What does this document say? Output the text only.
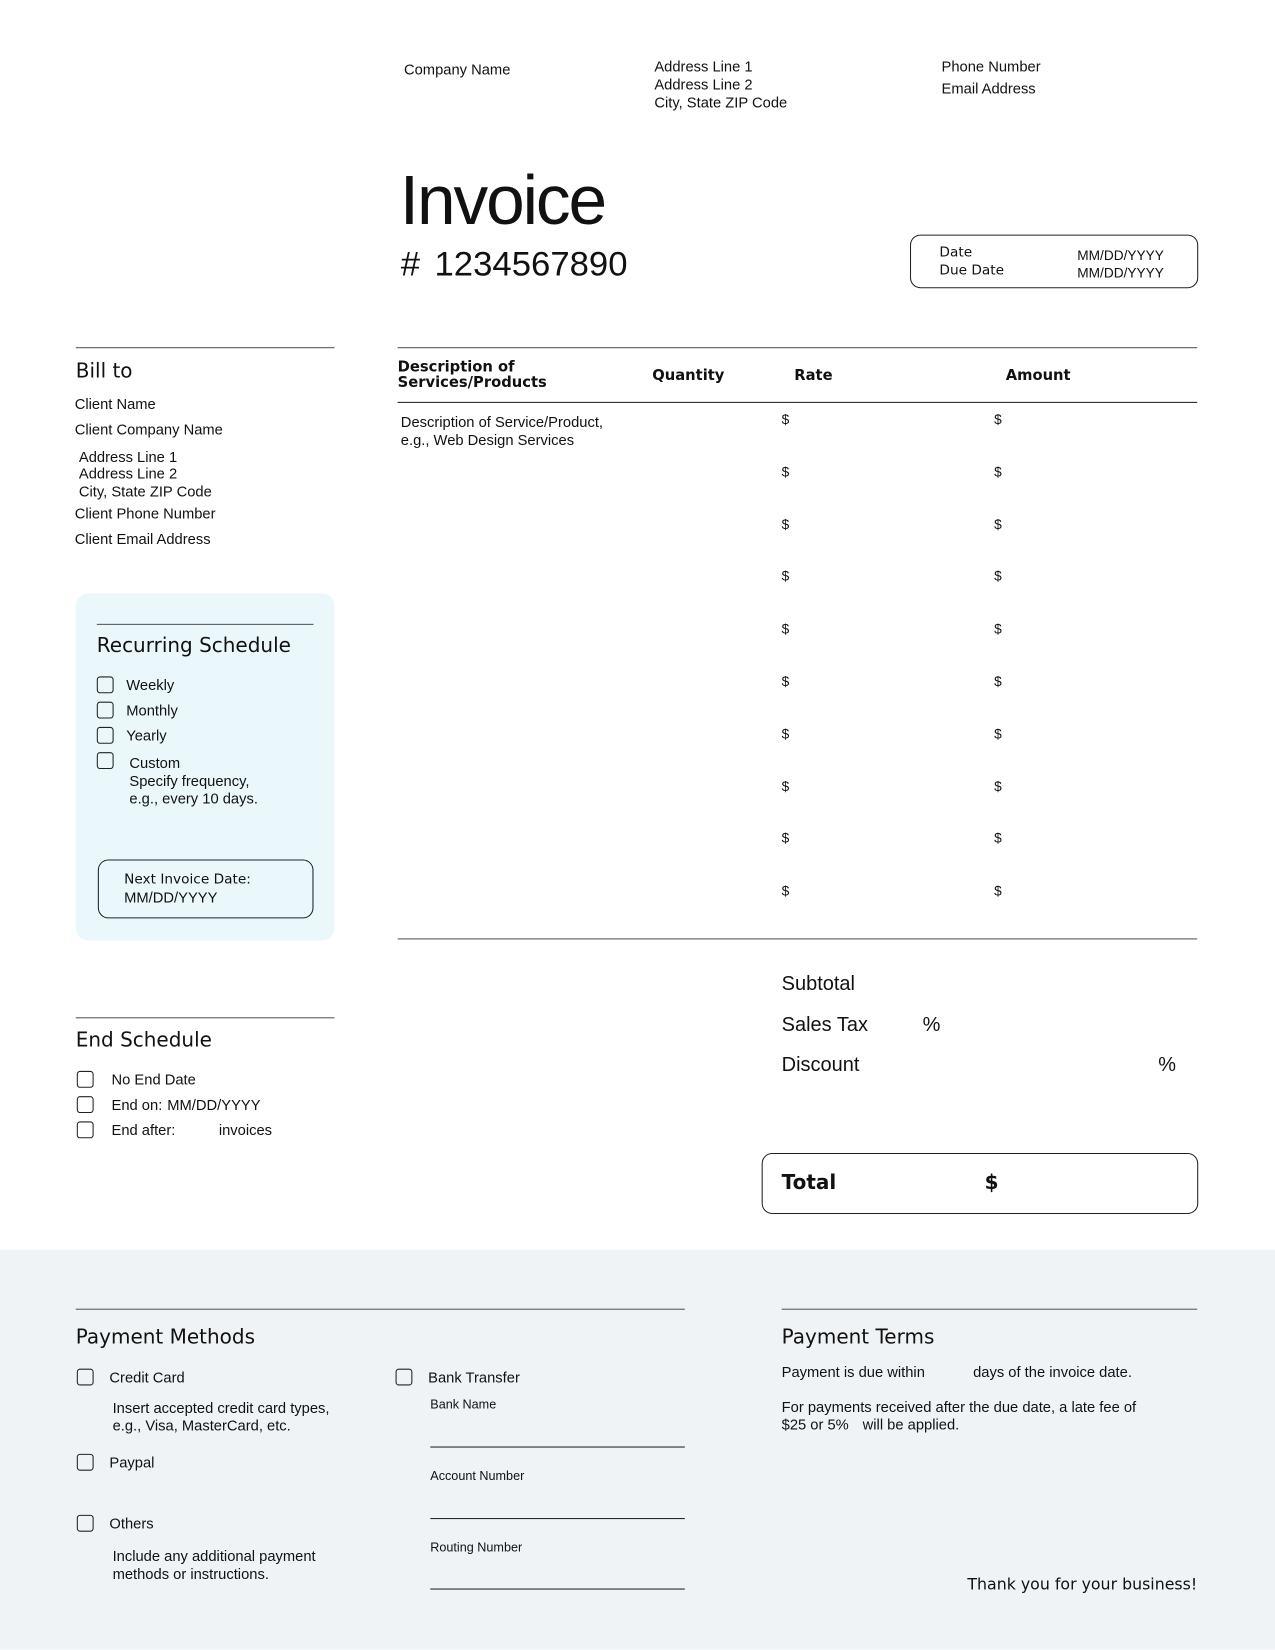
Company Name	Address Line 1
Address Line 2
City, State ZIP Code
Phone Number
Email Address
Invoice
# 1234567890	Date	MM/DD/YYYY
Due Date	MM/DD/YYYY
Bill to
Client Name
Client Company Name
Address Line 1
Address Line 2
City, State ZIP Code
Client Phone Number
Client Email Address
Recurring Schedule
Weekly
Monthly
Yearly
Custom
Specify frequency,
e.g., every 10 days.
Next Invoice Date:
MM/DD/YYYY
End Schedule
No End Date
End on: MM/DD/YYYY
End after:	invoices
Description of
Services/Products	Quantity	Rate	Amount
Description of Service/Product,
e.g., Web Design Services
$	$
$	$
$	$
$	$
$	$
$	$
$	$
$	$
$	$
$	$
Subtotal
Sales Tax	%
Discount	%
Total	$
Payment Methods
Credit Card
Insert accepted credit card types,
e.g., Visa, MasterCard, etc.
Paypal
Others
Include any additional payment
methods or instructions.
Bank Transfer
Bank Name
Account Number
Routing Number
Payment Terms
Payment is due within	days of the invoice date.
For payments received after the due date, a late fee of
$25 or 5% will be applied.
Thank you for your business!
